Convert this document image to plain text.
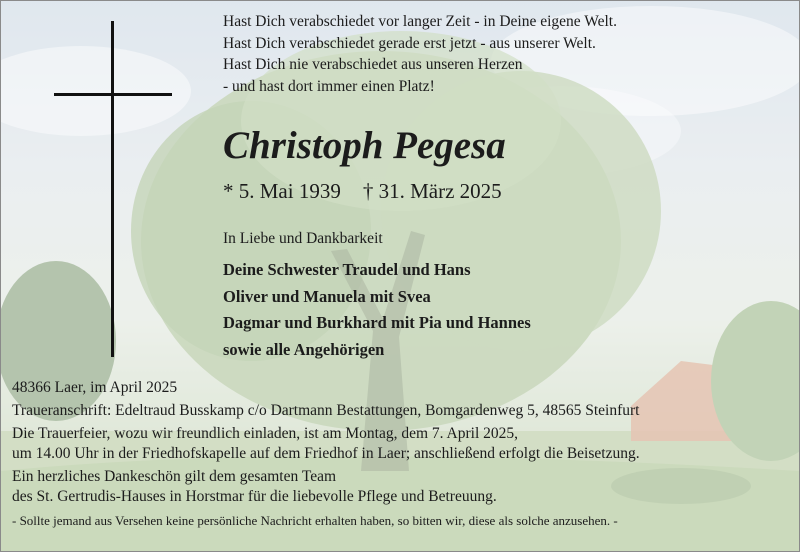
Hast Dich verabschiedet vor langer Zeit - in Deine eigene Welt.
Hast Dich verabschiedet gerade erst jetzt - aus unserer Welt.
Hast Dich nie verabschiedet aus unseren Herzen
- und hast dort immer einen Platz!
Christoph Pegesa
* 5. Mai 1939 † 31. März 2025
In Liebe und Dankbarkeit
Deine Schwester Traudel und Hans
Oliver und Manuela mit Svea
Dagmar und Burkhard mit Pia und Hannes
sowie alle Angehörigen
48366 Laer, im April 2025
Traueranschrift: Edeltraud Busskamp c/o Dartmann Bestattungen, Bomgardenweg 5, 48565 Steinfurt
Die Trauerfeier, wozu wir freundlich einladen, ist am Montag, dem 7. April 2025,
um 14.00 Uhr in der Friedhofskapelle auf dem Friedhof in Laer; anschließend erfolgt die Beisetzung.
Ein herzliches Dankeschön gilt dem gesamten Team
des St. Gertrudis-Hauses in Horstmar für die liebevolle Pflege und Betreuung.
- Sollte jemand aus Versehen keine persönliche Nachricht erhalten haben, so bitten wir, diese als solche anzusehen. -
